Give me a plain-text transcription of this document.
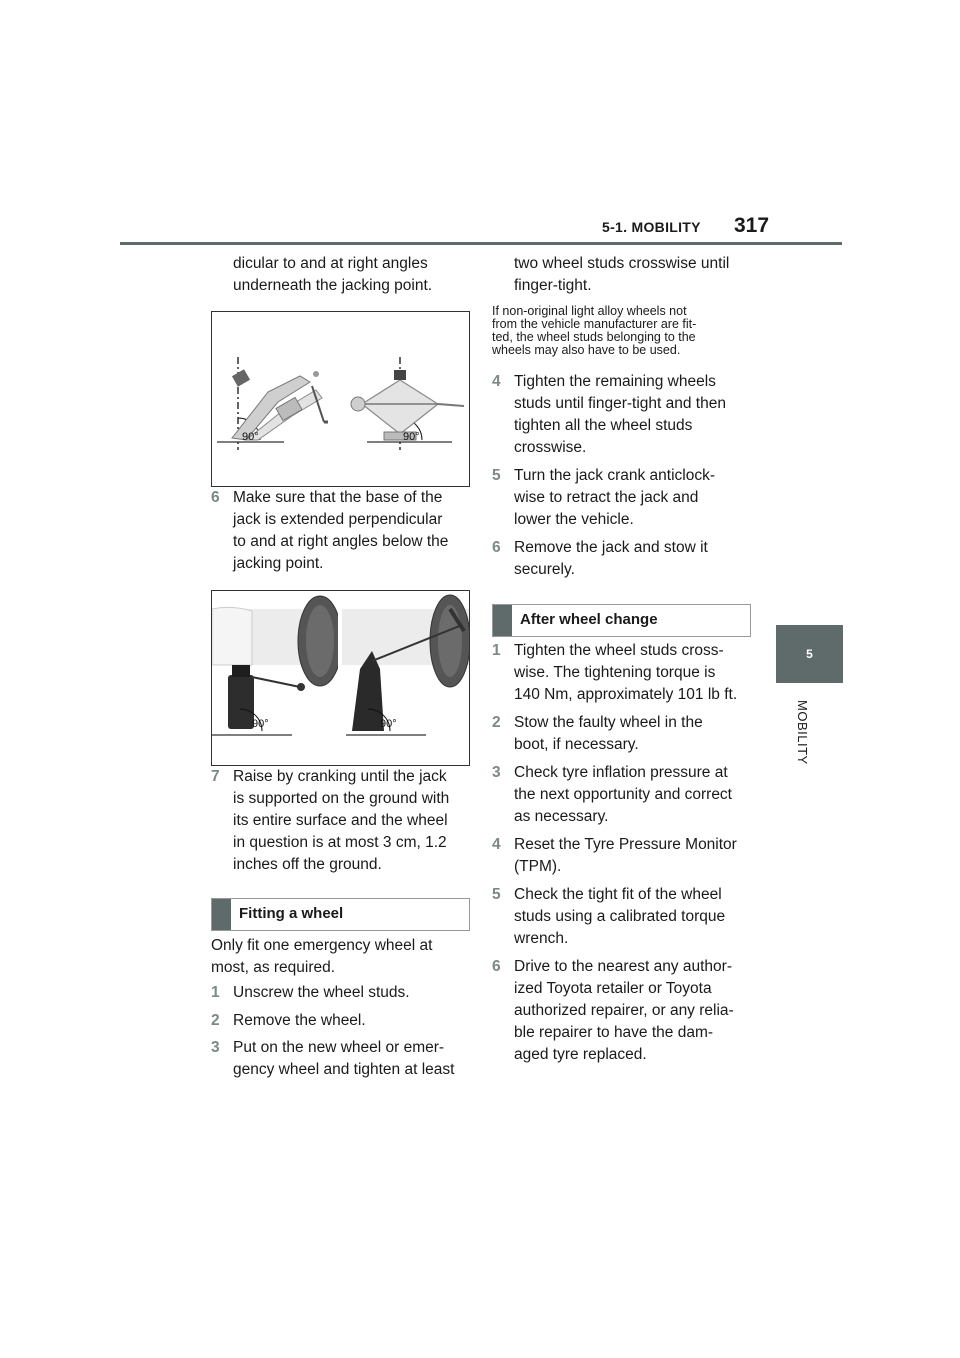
5-1. MOBILITY 317
5
MOBILITY
dicular to and at right angles
underneath the jacking point.
90°	90°
6 Make sure that the base of the
jack is extended perpendicular
to and at right angles below the
jacking point.
90°	90°
7 Raise by cranking until the jack
is supported on the ground with
its entire surface and the wheel
in question is at most 3 cm, 1.2
inches off the ground.
Fitting a wheel
Only fit one emergency wheel at
most, as required.
1 Unscrew the wheel studs.
2 Remove the wheel.
3 Put on the new wheel or emer-
gency wheel and tighten at least
two wheel studs crosswise until
finger-tight.
If non-original light alloy wheels not
from the vehicle manufacturer are fit-
ted, the wheel studs belonging to the
wheels may also have to be used.
4 Tighten the remaining wheels
studs until finger-tight and then
tighten all the wheel studs
crosswise.
5 Turn the jack crank anticlock-
wise to retract the jack and
lower the vehicle.
6 Remove the jack and stow it
securely.
After wheel change
1 Tighten the wheel studs cross-
wise. The tightening torque is
140 Nm, approximately 101 lb ft.
2 Stow the faulty wheel in the
boot, if necessary.
3 Check tyre inflation pressure at
the next opportunity and correct
as necessary.
4 Reset the Tyre Pressure Monitor
(TPM).
5 Check the tight fit of the wheel
studs using a calibrated torque
wrench.
6 Drive to the nearest any author-
ized Toyota retailer or Toyota
authorized repairer, or any relia-
ble repairer to have the dam-
aged tyre replaced.
